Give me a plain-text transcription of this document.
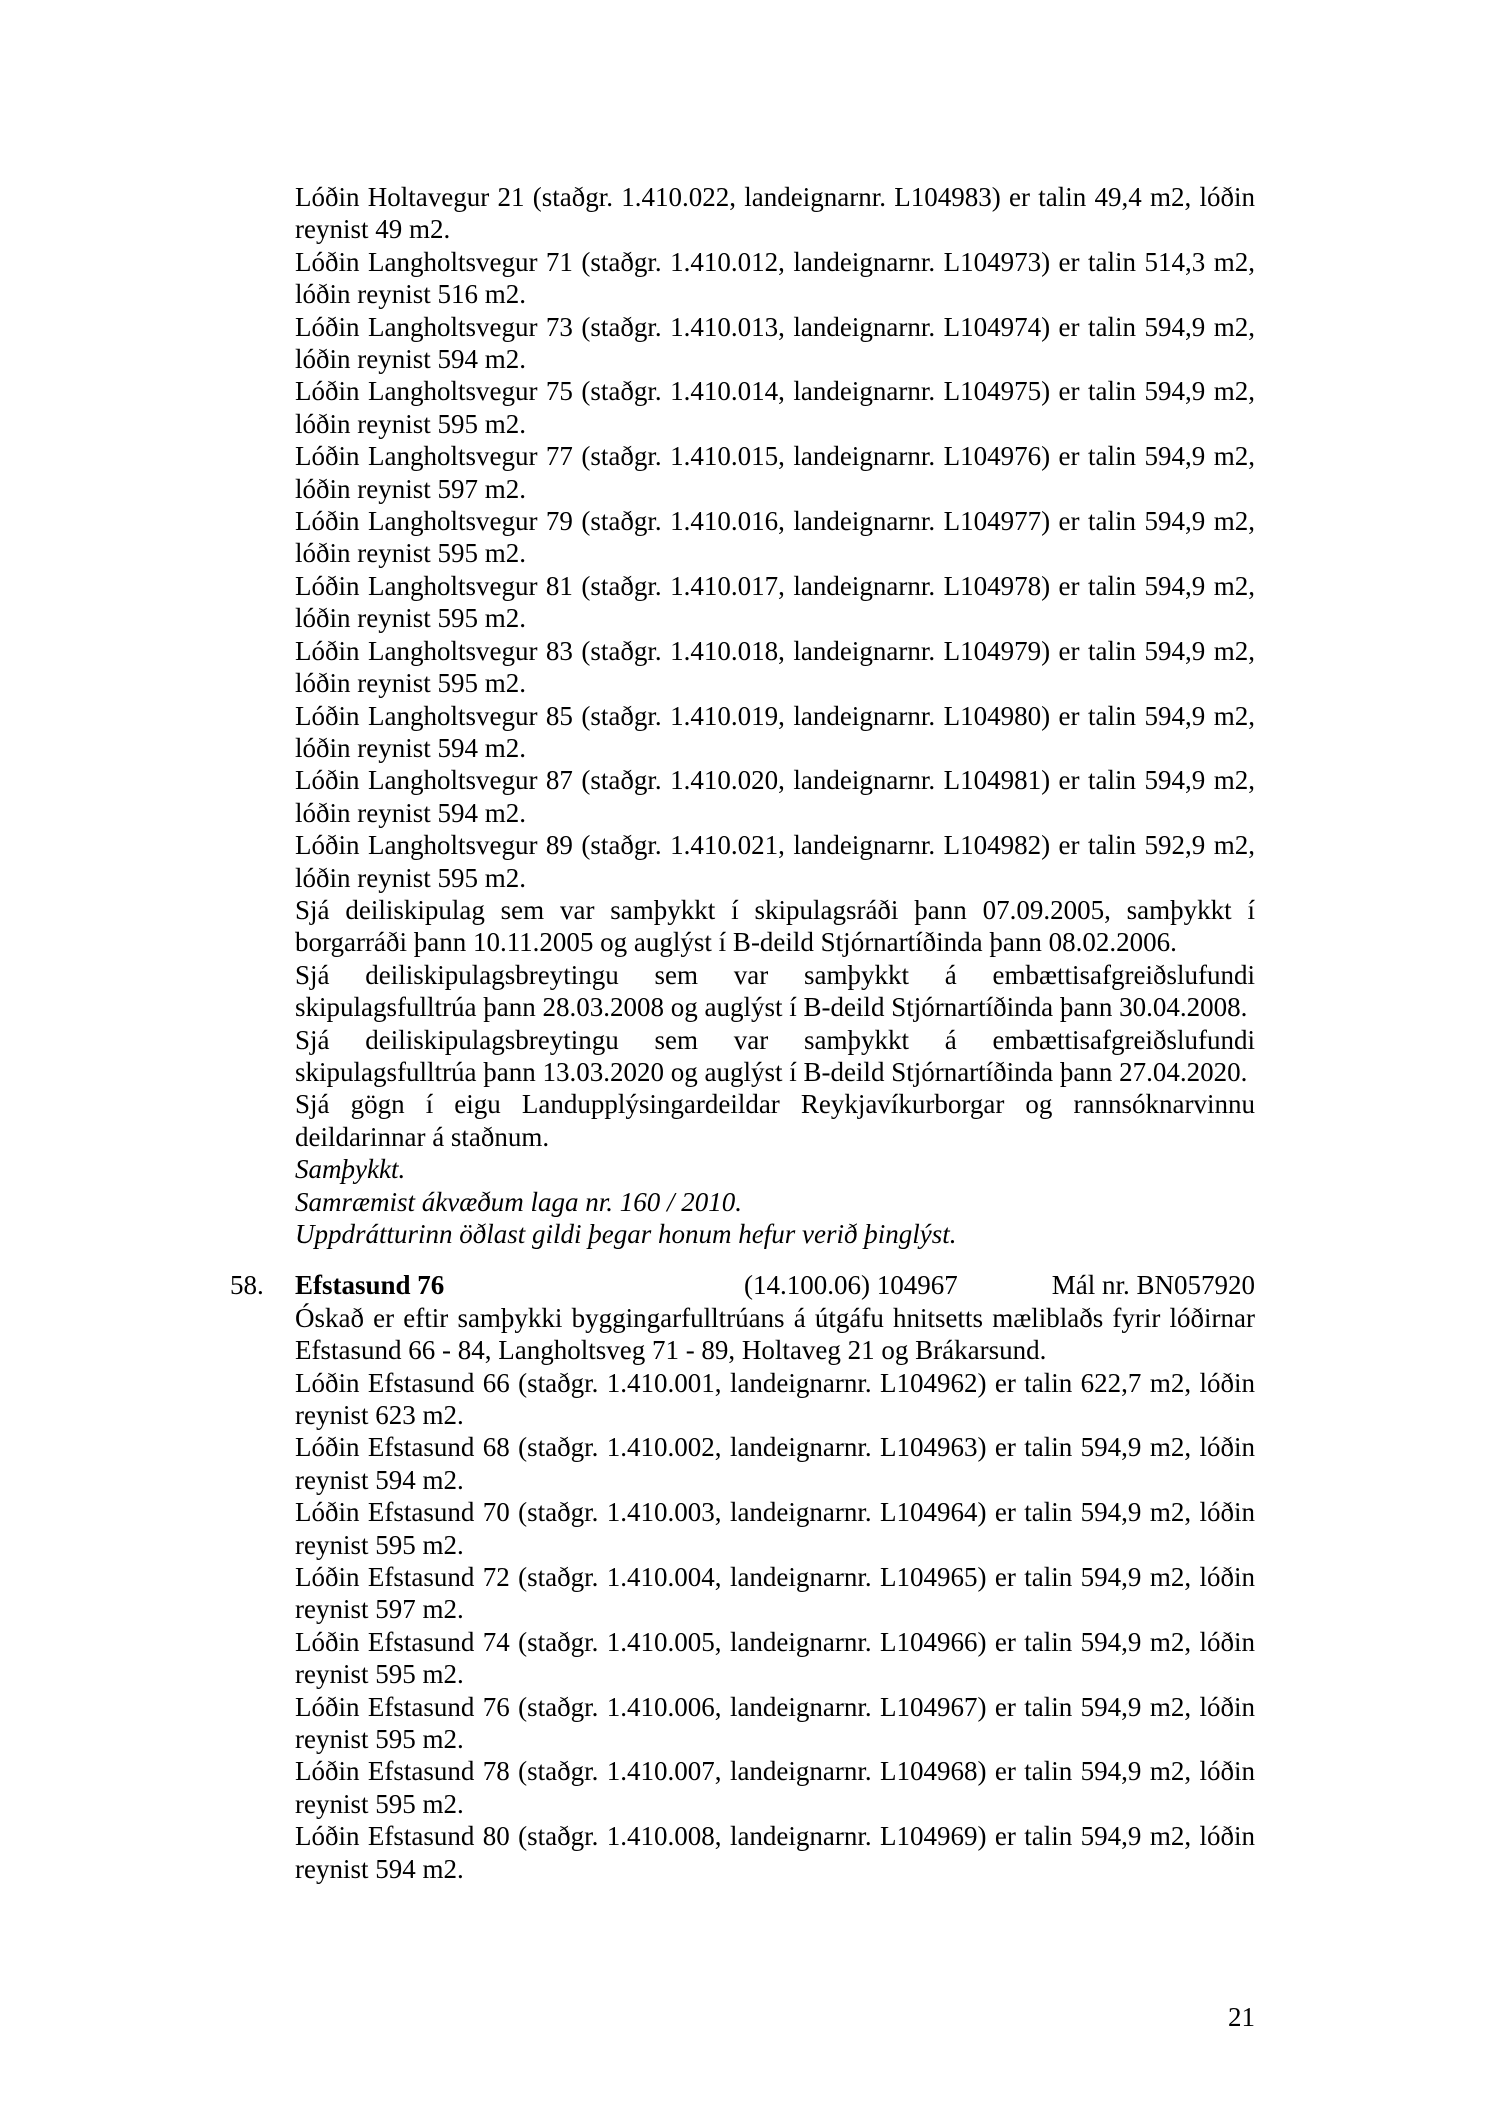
Lóðin Holtavegur 21 (staðgr. 1.410.022, landeignarnr. L104983) er talin 49,4 m2, lóðin reynist 49 m2.

Lóðin Langholtsvegur 71 (staðgr. 1.410.012, landeignarnr. L104973) er talin 514,3 m2, lóðin reynist 516 m2.

Lóðin Langholtsvegur 73 (staðgr. 1.410.013, landeignarnr. L104974) er talin 594,9 m2, lóðin reynist 594 m2.

Lóðin Langholtsvegur 75 (staðgr. 1.410.014, landeignarnr. L104975) er talin 594,9 m2, lóðin reynist 595 m2.

Lóðin Langholtsvegur 77 (staðgr. 1.410.015, landeignarnr. L104976) er talin 594,9 m2, lóðin reynist 597 m2.

Lóðin Langholtsvegur 79 (staðgr. 1.410.016, landeignarnr. L104977) er talin 594,9 m2, lóðin reynist 595 m2.

Lóðin Langholtsvegur 81 (staðgr. 1.410.017, landeignarnr. L104978) er talin 594,9 m2, lóðin reynist 595 m2.

Lóðin Langholtsvegur 83 (staðgr. 1.410.018, landeignarnr. L104979) er talin 594,9 m2, lóðin reynist 595 m2.

Lóðin Langholtsvegur 85 (staðgr. 1.410.019, landeignarnr. L104980) er talin 594,9 m2, lóðin reynist 594 m2.

Lóðin Langholtsvegur 87 (staðgr. 1.410.020, landeignarnr. L104981) er talin 594,9 m2, lóðin reynist 594 m2.

Lóðin Langholtsvegur 89 (staðgr. 1.410.021, landeignarnr. L104982) er talin 592,9 m2, lóðin reynist 595 m2.

Sjá deiliskipulag sem var samþykkt í skipulagsráði þann 07.09.2005, samþykkt í borgarráði þann 10.11.2005 og auglýst í B-deild Stjórnartíðinda þann 08.02.2006.

Sjá deiliskipulagsbreytingu sem var samþykkt á embættisafgreiðslufundi skipulagsfulltrúa þann 28.03.2008 og auglýst í B-deild Stjórnartíðinda þann 30.04.2008.

Sjá deiliskipulagsbreytingu sem var samþykkt á embættisafgreiðslufundi skipulagsfulltrúa þann 13.03.2020 og auglýst í B-deild Stjórnartíðinda þann 27.04.2020.

Sjá gögn í eigu Landupplýsingardeildar Reykjavíkurborgar og rannsóknarvinnu deildarinnar á staðnum.

Samþykkt.

Samræmist ákvæðum laga nr. 160 / 2010.

Uppdrátturinn öðlast gildi þegar honum hefur verið þinglýst.

58. Efstasund 76	(14.100.06) 104967	Mál nr. BN057920

Óskað er eftir samþykki byggingarfulltrúans á útgáfu hnitsetts mæliblaðs fyrir lóðirnar Efstasund 66 - 84, Langholtsveg 71 - 89, Holtaveg 21 og Brákarsund.

Lóðin Efstasund 66 (staðgr. 1.410.001, landeignarnr. L104962) er talin 622,7 m2, lóðin reynist 623 m2.

Lóðin Efstasund 68 (staðgr. 1.410.002, landeignarnr. L104963) er talin 594,9 m2, lóðin reynist 594 m2.

Lóðin Efstasund 70 (staðgr. 1.410.003, landeignarnr. L104964) er talin 594,9 m2, lóðin reynist 595 m2.

Lóðin Efstasund 72 (staðgr. 1.410.004, landeignarnr. L104965) er talin 594,9 m2, lóðin reynist 597 m2.

Lóðin Efstasund 74 (staðgr. 1.410.005, landeignarnr. L104966) er talin 594,9 m2, lóðin reynist 595 m2.

Lóðin Efstasund 76 (staðgr. 1.410.006, landeignarnr. L104967) er talin 594,9 m2, lóðin reynist 595 m2.

Lóðin Efstasund 78 (staðgr. 1.410.007, landeignarnr. L104968) er talin 594,9 m2, lóðin reynist 595 m2.

Lóðin Efstasund 80 (staðgr. 1.410.008, landeignarnr. L104969) er talin 594,9 m2, lóðin reynist 594 m2.

21
